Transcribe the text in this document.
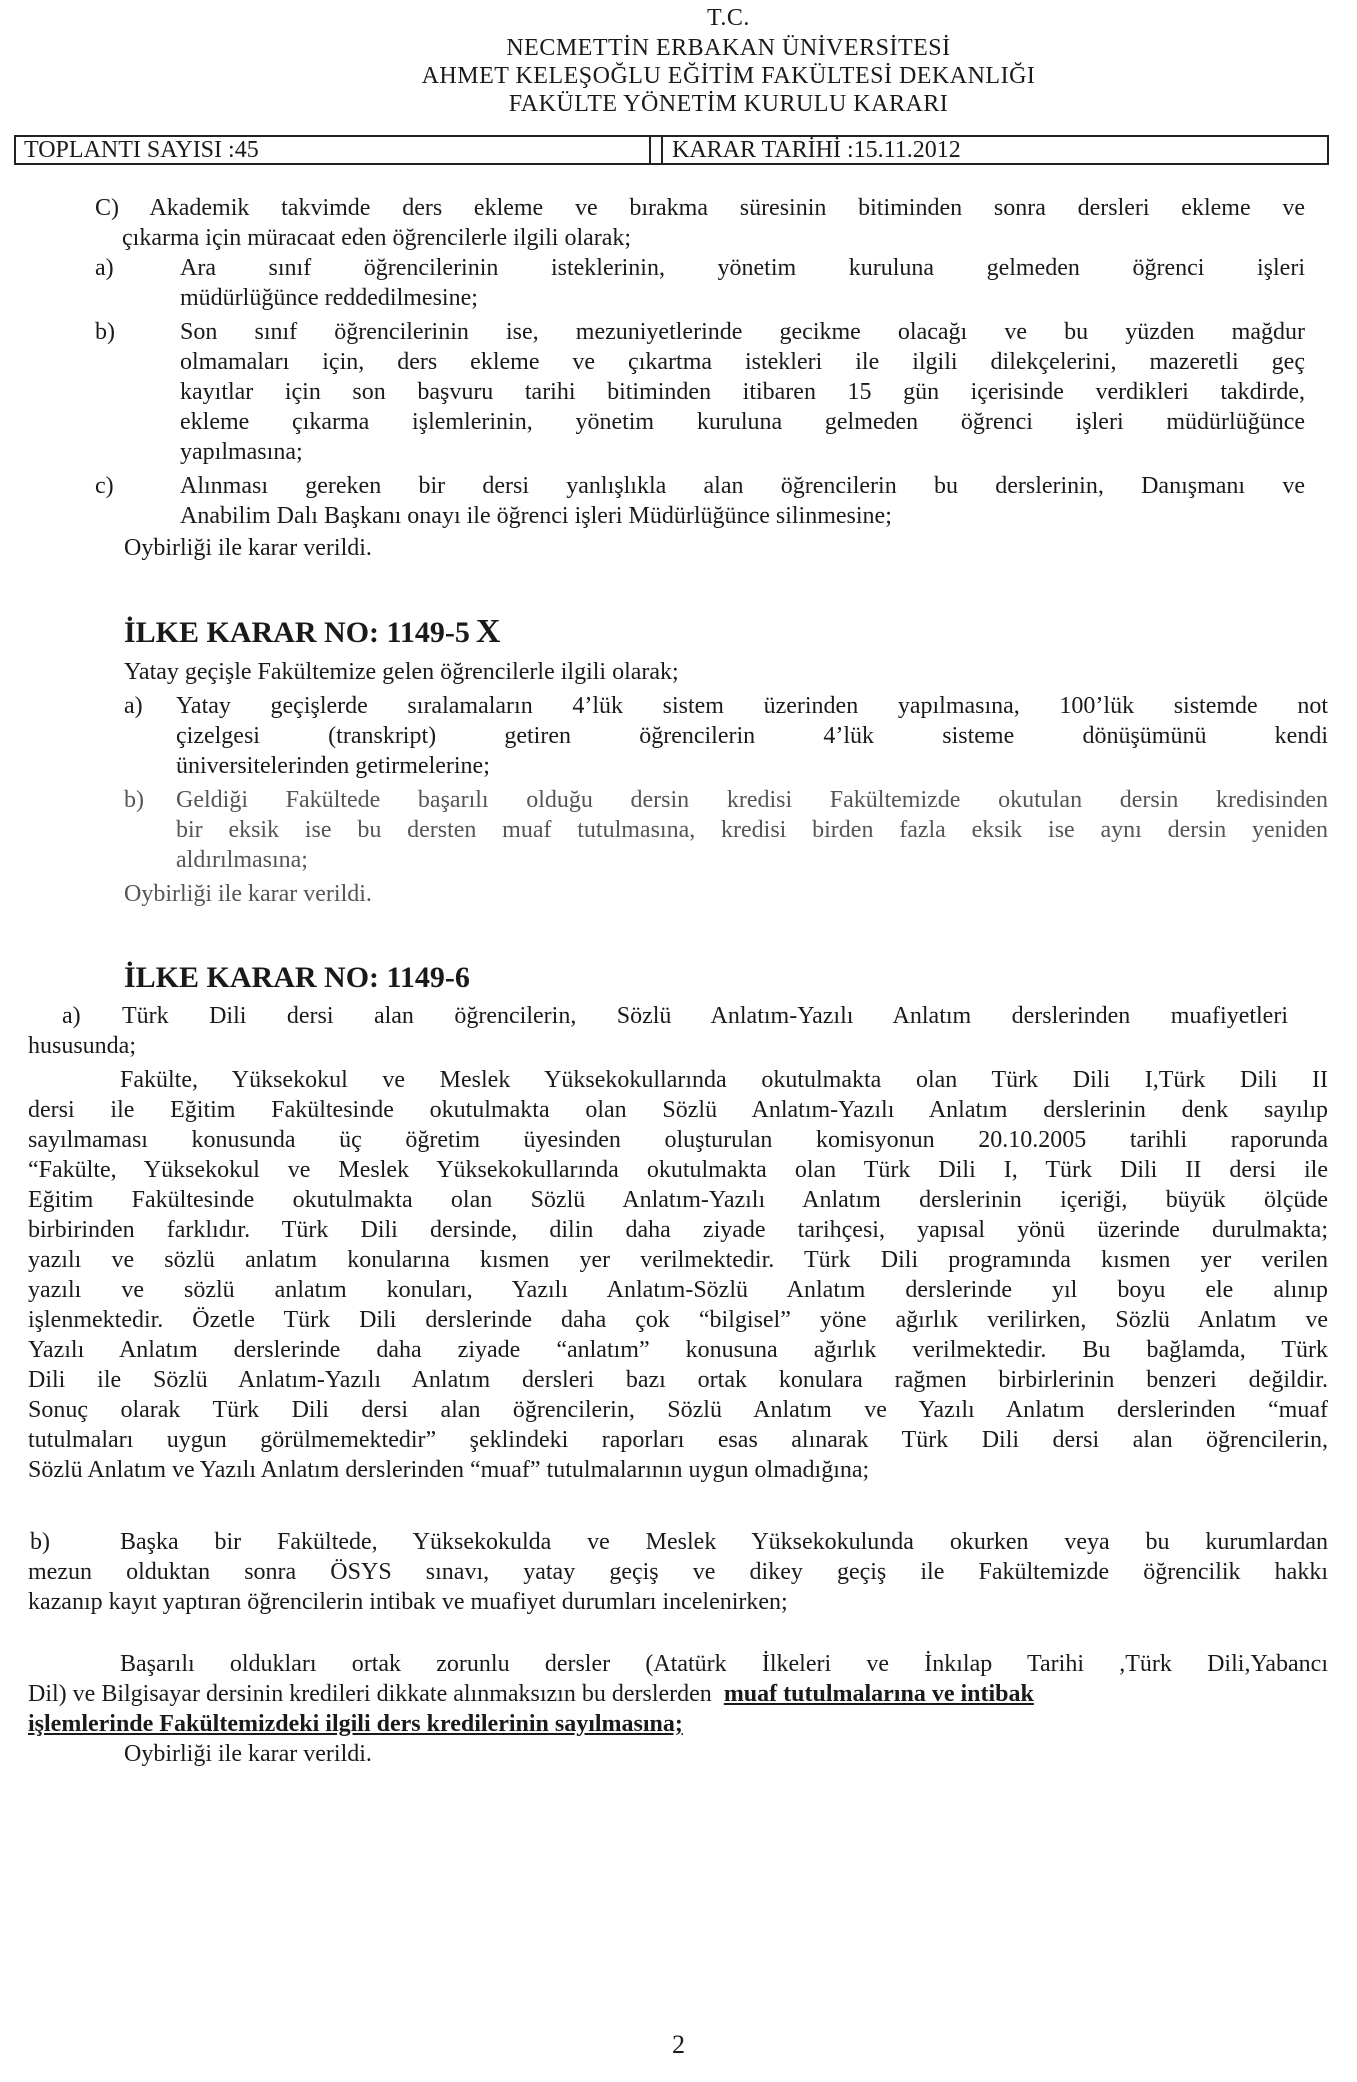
T.C.
NECMETTİN ERBAKAN ÜNİVERSİTESİ
AHMET KELEŞOĞLU EĞİTİM FAKÜLTESİ DEKANLIĞI
FAKÜLTE YÖNETİM KURULU KARARI
TOPLANTI SAYISI :45	KARAR TARİHİ :15.11.2012
C) Akademik takvimde ders ekleme ve bırakma süresinin bitiminden sonra dersleri ekleme ve
çıkarma için müracaat eden öğrencilerle ilgili olarak;
a)	Ara sınıf öğrencilerinin isteklerinin, yönetim kuruluna gelmeden öğrenci işleri
müdürlüğünce reddedilmesine;
b)	Son sınıf öğrencilerinin ise, mezuniyetlerinde gecikme olacağı ve bu yüzden mağdur
olmamaları için, ders ekleme ve çıkartma istekleri ile ilgili dilekçelerini, mazeretli geç
kayıtlar için son başvuru tarihi bitiminden itibaren 15 gün içerisinde verdikleri takdirde,
ekleme çıkarma işlemlerinin, yönetim kuruluna gelmeden öğrenci işleri müdürlüğünce
yapılmasına;
c)	Alınması gereken bir dersi yanlışlıkla alan öğrencilerin bu derslerinin, Danışmanı ve
Anabilim Dalı Başkanı onayı ile öğrenci işleri Müdürlüğünce silinmesine;
Oybirliği ile karar verildi.
İLKE KARAR NO: 1149-5 X
Yatay geçişle Fakültemize gelen öğrencilerle ilgili olarak;
a) Yatay geçişlerde sıralamaların 4’lük sistem üzerinden yapılmasına, 100’lük sistemde not
çizelgesi (transkript) getiren öğrencilerin 4’lük sisteme dönüşümünü kendi
üniversitelerinden getirmelerine;
b) Geldiği Fakültede başarılı olduğu dersin kredisi Fakültemizde okutulan dersin kredisinden
bir eksik ise bu dersten muaf tutulmasına, kredisi birden fazla eksik ise aynı dersin yeniden
aldırılmasına;
Oybirliği ile karar verildi.
İLKE KARAR NO: 1149-6
a) Türk Dili dersi alan öğrencilerin, Sözlü Anlatım-Yazılı Anlatım derslerinden muafiyetleri
hususunda;
Fakülte, Yüksekokul ve Meslek Yüksekokullarında okutulmakta olan Türk Dili I,Türk Dili II
dersi ile Eğitim Fakültesinde okutulmakta olan Sözlü Anlatım-Yazılı Anlatım derslerinin denk sayılıp
sayılmaması konusunda üç öğretim üyesinden oluşturulan komisyonun 20.10.2005 tarihli raporunda
“Fakülte, Yüksekokul ve Meslek Yüksekokullarında okutulmakta olan Türk Dili I, Türk Dili II dersi ile
Eğitim Fakültesinde okutulmakta olan Sözlü Anlatım-Yazılı Anlatım derslerinin içeriği, büyük ölçüde
birbirinden farklıdır. Türk Dili dersinde, dilin daha ziyade tarihçesi, yapısal yönü üzerinde durulmakta;
yazılı ve sözlü anlatım konularına kısmen yer verilmektedir. Türk Dili programında kısmen yer verilen
yazılı ve sözlü anlatım konuları, Yazılı Anlatım-Sözlü Anlatım derslerinde yıl boyu ele alınıp
işlenmektedir. Özetle Türk Dili derslerinde daha çok “bilgisel” yöne ağırlık verilirken, Sözlü Anlatım ve
Yazılı Anlatım derslerinde daha ziyade “anlatım” konusuna ağırlık verilmektedir. Bu bağlamda, Türk
Dili ile Sözlü Anlatım-Yazılı Anlatım dersleri bazı ortak konulara rağmen birbirlerinin benzeri değildir.
Sonuç olarak Türk Dili dersi alan öğrencilerin, Sözlü Anlatım ve Yazılı Anlatım derslerinden “muaf
tutulmaları uygun görülmemektedir” şeklindeki raporları esas alınarak Türk Dili dersi alan öğrencilerin,
Sözlü Anlatım ve Yazılı Anlatım derslerinden “muaf” tutulmalarının uygun olmadığına;
b)	Başka bir Fakültede, Yüksekokulda ve Meslek Yüksekokulunda okurken veya bu kurumlardan
mezun olduktan sonra ÖSYS sınavı, yatay geçiş ve dikey geçiş ile Fakültemizde öğrencilik hakkı
kazanıp kayıt yaptıran öğrencilerin intibak ve muafiyet durumları incelenirken;
Başarılı oldukları ortak zorunlu dersler (Atatürk İlkeleri ve İnkılap Tarihi ,Türk Dili,Yabancı
Dil) ve Bilgisayar dersinin kredileri dikkate alınmaksızın bu derslerden muaf tutulmalarına ve intibak
işlemlerinde Fakültemizdeki ilgili ders kredilerinin sayılmasına;
Oybirliği ile karar verildi.
2
